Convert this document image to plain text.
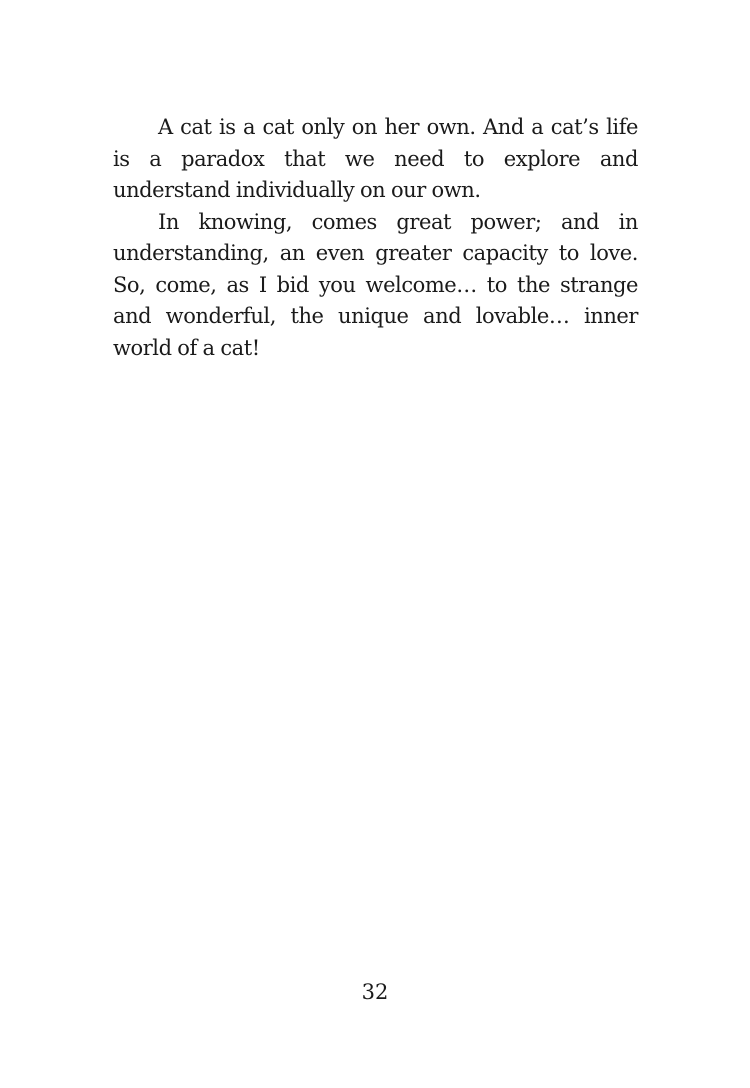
A cat is a cat only on her own. And a cat’s life is a paradox that we need to explore and understand individually on our own.

In knowing, comes great power; and in understanding, an even greater capacity to love. So, come, as I bid you welcome… to the strange and wonderful, the unique and lovable… inner world of a cat!

32
